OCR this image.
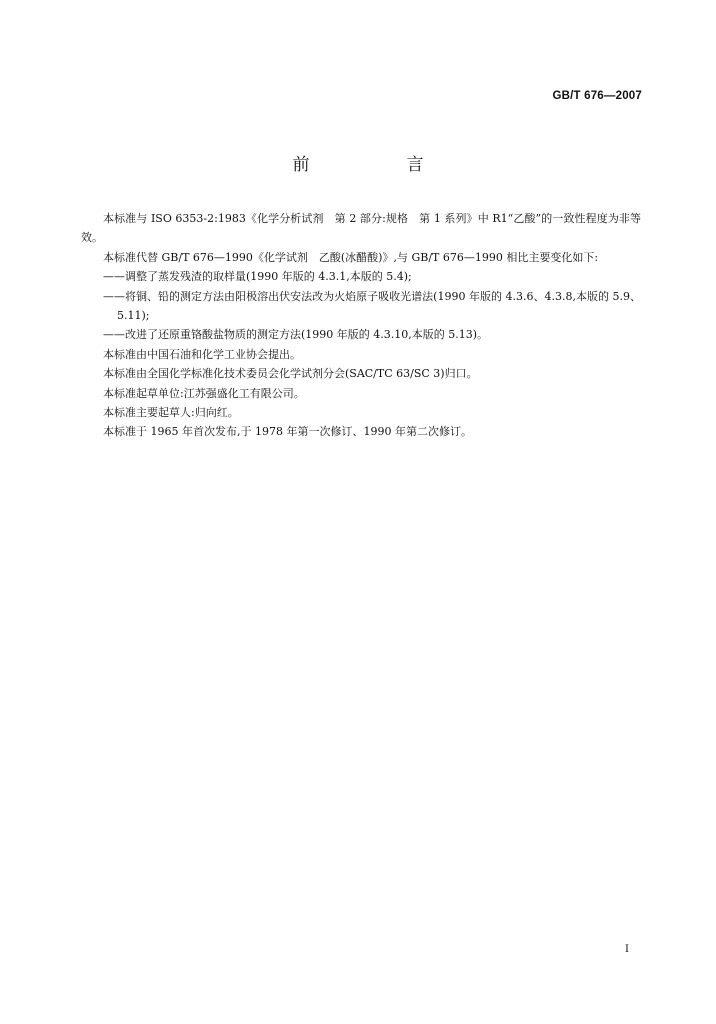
GB/T 676—2007
前　言

本标准与 ISO 6353-2:1983《化学分析试剂　第 2 部分:规格　第 1 系列》中 R1“乙酸”的一致性程度为非等效。

本标准代替 GB/T 676—1990《化学试剂　乙酸(冰醋酸)》,与 GB/T 676—1990 相比主要变化如下:

——调整了蒸发残渣的取样量(1990 年版的 4.3.1,本版的 5.4);

——将铜、铅的测定方法由阳极溶出伏安法改为火焰原子吸收光谱法(1990 年版的 4.3.6、4.3.8,本版的 5.9、5.11);

——改进了还原重铬酸盐物质的测定方法(1990 年版的 4.3.10,本版的 5.13)。

本标准由中国石油和化学工业协会提出。

本标准由全国化学标准化技术委员会化学试剂分会(SAC/TC 63/SC 3)归口。

本标准起草单位:江苏强盛化工有限公司。

本标准主要起草人:归向红。

本标准于 1965 年首次发布,于 1978 年第一次修订、1990 年第二次修订。

I
